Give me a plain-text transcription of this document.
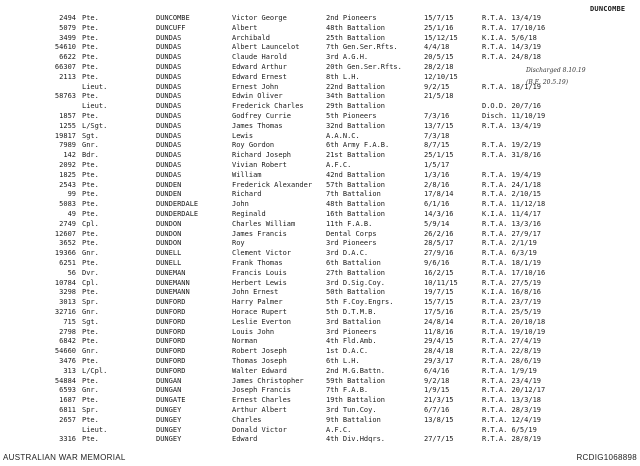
DUNCOMBE
2494 Pte.	DUNCOMBE	Victor George	2nd Pioneers	15/7/15	R.T.A. 13/4/19
5079 Pte.	DUNCUFF	Albert	48th Battalion	25/1/16	R.T.A. 17/10/16
3499 Pte.	DUNDAS	Archibald	25th Battalion	15/12/15	K.I.A. 5/6/18
54610 Pte.	DUNDAS	Albert Launcelot	7th Gen.Ser.Rfts.	4/4/18	R.T.A. 14/3/19
6622 Pte.	DUNDAS	Claude Harold	3rd A.G.H.	20/5/15	R.T.A. 24/8/18
66307 Pte.	DUNDAS	Edward Arthur	20th Gen.Ser.Rfts.	28/2/18
2113 Pte.	DUNDAS	Edward Ernest	8th L.H.	12/10/15
Lieut.	DUNDAS	Ernest John	22nd Battalion	9/2/15	R.T.A. 18/1/19
58763 Pte.	DUNDAS	Edwin Oliver	34th Battalion	21/5/18
Lieut.	DUNDAS	Frederick Charles	29th Battalion	D.O.D. 20/7/16
1857 Pte.	DUNDAS	Godfrey Currie	5th Pioneers	7/3/16	Disch. 11/10/19
1255 L/Sgt.	DUNDAS	James Thomas	32nd Battalion	13/7/15	R.T.A. 13/4/19
19817 Sgt.	DUNDAS	Lewis	A.A.N.C.	7/3/18
7989 Gnr.	DUNDAS	Roy Gordon	6th Army F.A.B.	8/7/15	R.T.A. 19/2/19
142 Bdr.	DUNDAS	Richard Joseph	21st Battalion	25/1/15	R.T.A. 31/8/16
2092 Pte.	DUNDAS	Vivian Robert	A.F.C.	1/5/17
1825 Pte.	DUNDAS	William	42nd Battalion	1/3/16	R.T.A. 19/4/19
2543 Pte.	DUNDEN	Frederick Alexander 57th Battalion	2/8/16	R.T.A. 24/1/18
99 Pte.	DUNDEN	Richard	7th Battalion	17/8/14	R.T.A. 2/10/15
5083 Pte.	DUNDERDALE	John	48th Battalion	6/1/16	R.T.A. 11/12/18
49 Pte.	DUNDERDALE	Reginald	16th Battalion	14/3/16	K.I.A. 11/4/17
2749 Cpl.	DUNDON	Charles William	11th F.A.B.	5/9/14	R.T.A. 13/3/16
12607 Pte.	DUNDON	James Francis	Dental Corps	26/2/16	R.T.A. 27/9/17
3652 Pte.	DUNDON	Roy	3rd Pioneers	28/5/17	R.T.A. 2/1/19
19366 Gnr.	DUNELL	Clement Victor	3rd D.A.C.	27/9/16	R.T.A. 6/3/19
6251 Pte.	DUNELL	Frank Thomas	6th Battalion	9/6/16	R.T.A. 18/1/19
56 Dvr.	DUNEMAN	Francis Louis	27th Battalion	16/2/15	R.T.A. 17/10/16
10784 Cpl.	DUNEMANN	Herbert Lewis	3rd D.Sig.Coy.	10/11/15	R.T.A. 27/5/19
3298 Pte.	DUNEMANN	John Ernest	50th Battalion	19/7/15	K.I.A. 16/8/16
3013 Spr.	DUNFORD	Harry Palmer	5th F.Coy.Engrs.	15/7/15	R.T.A. 23/7/19
32716 Gnr.	DUNFORD	Horace Rupert	5th D.T.M.B.	17/5/16	R.T.A. 25/5/19
715 Sgt.	DUNFORD	Leslie Everton	3rd Battalion	24/8/14	R.T.A. 20/10/18
2798 Pte.	DUNFORD	Louis John	3rd Pioneers	11/8/16	R.T.A. 19/10/19
6842 Pte.	DUNFORD	Norman	4th Fld.Amb.	29/4/15	R.T.A. 27/4/19
54660 Gnr.	DUNFORD	Robert Joseph	1st D.A.C.	28/4/18	R.T.A. 22/8/19
3476 Pte.	DUNFORD	Thomas Joseph	6th L.H.	29/3/17	R.T.A. 28/6/19
313 L/Cpl.	DUNFORD	Walter Edward	2nd M.G.Battn.	6/4/16	R.T.A. 1/9/19
54884 Pte.	DUNGAN	James Christopher	59th Battalion	9/2/18	R.T.A. 23/4/19
6593 Gnr.	DUNGAN	Joseph Francis	7th F.A.B.	1/9/15	R.T.A. 20/12/17
1687 Pte.	DUNGATE	Ernest Charles	19th Battalion	21/3/15	R.T.A. 13/3/18
6811 Spr.	DUNGEY	Arthur Albert	3rd Tun.Coy.	6/7/16	R.T.A. 28/3/19
2657 Pte.	DUNGEY	Charles	9th Battalion	13/8/15	R.T.A. 12/4/19
Lieut.	DUNGEY	Donald Victor	A.F.C.	R.T.A. 6/5/19
3316 Pte.	DUNGEY	Edward	4th Div.Hdqrs.	27/7/15	R.T.A. 28/8/19
Discharged 8.10.19
(B.E. 20.5.19)
AUSTRALIAN WAR MEMORIAL	RCDIG1068898
